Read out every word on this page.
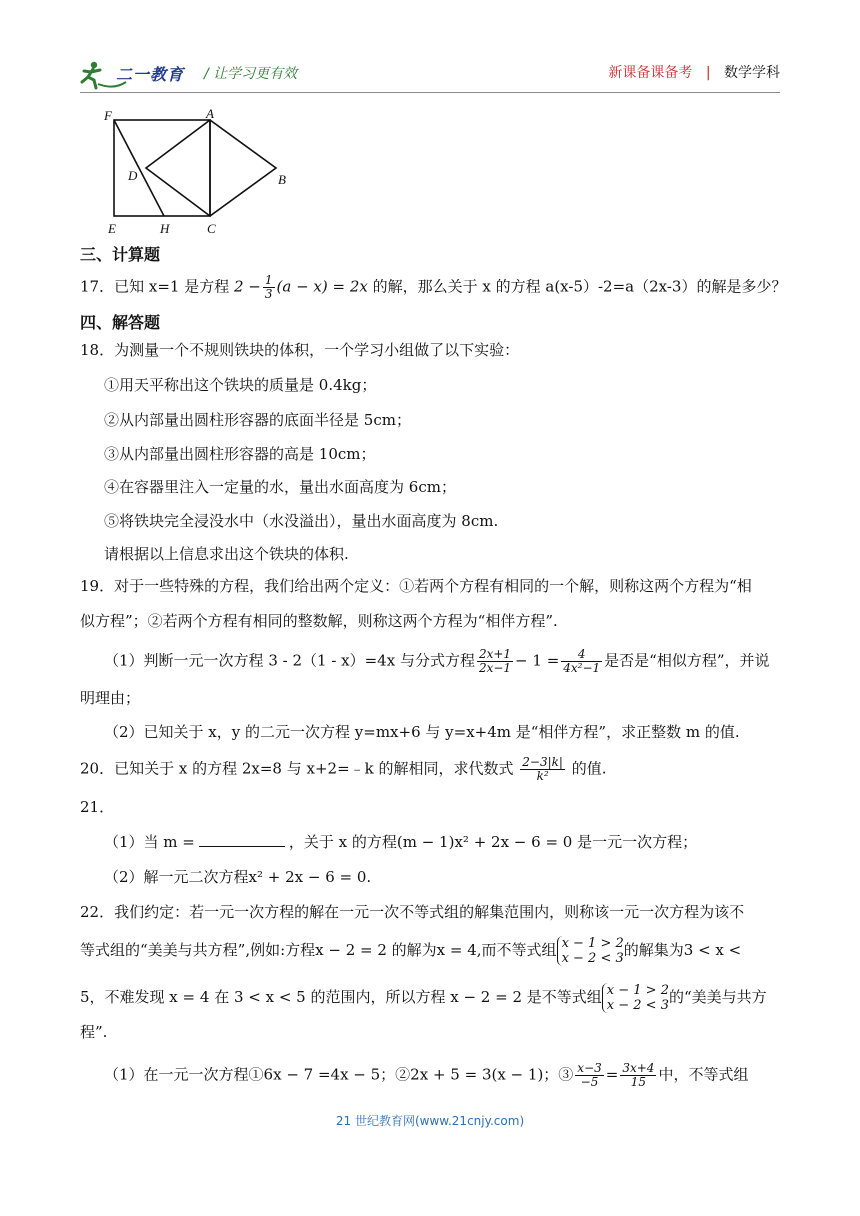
二一教育 / 让学习更有效	新课备课备考 | 数学学科
F	A
D	B
E	H	C
三、计算题
17．已知 x=1 是方程 $2 - \frac{1}{3} (a - x) = 2x$ 的解，那么关于 x 的方程 a(x-5）-2=a（2x-3）的解是多少？
四、解答题
18．为测量一个不规则铁块的体积，一个学习小组做了以下实验：
①用天平称出这个铁块的质量是 0.4kg；
②从内部量出圆柱形容器的底面半径是 5cm；
③从内部量出圆柱形容器的高是 10cm；
④在容器里注入一定量的水，量出水面高度为 6cm；
⑤将铁块完全浸没水中（水没溢出），量出水面高度为 8cm.
请根据以上信息求出这个铁块的体积.
19．对于一些特殊的方程，我们给出两个定义：①若两个方程有相同的一个解，则称这两个方程为“相
似方程”；②若两个方程有相同的整数解，则称这两个方程为“相伴方程”.
（1）判断一元一次方程 3 - 2（1 - x）=4x 与分式方程 $\frac{2x+1}{2x-1} - 1 = \frac{4}{\text{4x²−1}}$ 是否是“相似方程”，并说
明理由；
（2）已知关于 x，y 的二元一次方程 y=mx+6 与 y=x+4m 是“相伴方程”，求正整数 m 的值.
20．已知关于 x 的方程 2x=8 与 x+2=﹣k 的解相同，求代数式 $\frac{2-3|k|}{\text{k²}}$ 的值.
21．
（1）当 m =	，关于 x 的方程(m − 1)x² + 2x − 6 = 0 是一元一次方程；
（2）解一元二次方程x² + 2x − 6 = 0.
22．我们约定：若一元一次方程的解在一元一次不等式组的解集范围内，则称该一元一次方程为该不
等式组的“美美与共方程”,例如:方程x − 2 = 2 的解为x = 4,而不等式组 x − 1 > 2
x − 2 < 3 的解集为3 < x <
5，不难发现 x = 4 在 3 < x < 5 的范围内，所以方程 x − 2 = 2 是不等式组 x − 1 > 2
x − 2 < 3 的“美美与共方
程”.
（1）在一元一次方程①6x − 7 =4x − 5；②2x + 5 = 3(x − 1)；③ $\frac{x-3}{-5} = \frac{3x+4}{15}$ 中，不等式组
21 世纪教育网(www.21cnjy.com)
